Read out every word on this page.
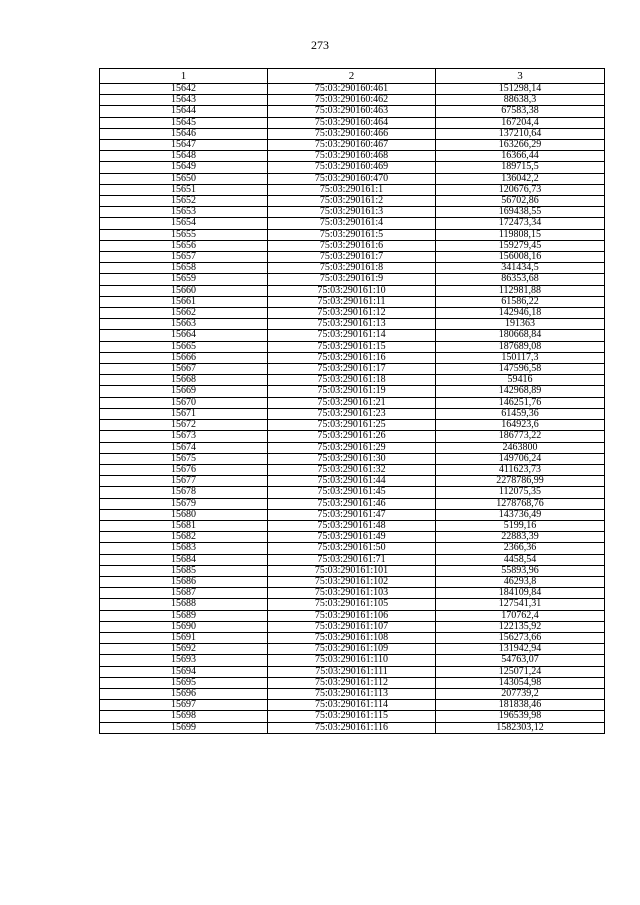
273
1	2	3
15642	75:03:290160:461	151298,14
15643	75:03:290160:462	88638,3
15644	75:03:290160:463	67583,38
15645	75:03:290160:464	167204,4
15646	75:03:290160:466	137210,64
15647	75:03:290160:467	163266,29
15648	75:03:290160:468	16366,44
15649	75:03:290160:469	189715,5
15650	75:03:290160:470	136042,2
15651	75:03:290161:1	120676,73
15652	75:03:290161:2	56702,86
15653	75:03:290161:3	169438,55
15654	75:03:290161:4	172473,34
15655	75:03:290161:5	119808,15
15656	75:03:290161:6	159279,45
15657	75:03:290161:7	156008,16
15658	75:03:290161:8	341434,5
15659	75:03:290161:9	86353,68
15660	75:03:290161:10	112981,88
15661	75:03:290161:11	61586,22
15662	75:03:290161:12	142946,18
15663	75:03:290161:13	191363
15664	75:03:290161:14	180668,84
15665	75:03:290161:15	187689,08
15666	75:03:290161:16	150117,3
15667	75:03:290161:17	147596,58
15668	75:03:290161:18	59416
15669	75:03:290161:19	142968,89
15670	75:03:290161:21	146251,76
15671	75:03:290161:23	61459,36
15672	75:03:290161:25	164923,6
15673	75:03:290161:26	186773,22
15674	75:03:290161:29	2463800
15675	75:03:290161:30	149706,24
15676	75:03:290161:32	411623,73
15677	75:03:290161:44	2278786,99
15678	75:03:290161:45	112075,35
15679	75:03:290161:46	1278768,76
15680	75:03:290161:47	143736,49
15681	75:03:290161:48	5199,16
15682	75:03:290161:49	22883,39
15683	75:03:290161:50	2366,36
15684	75:03:290161:71	4458,54
15685	75:03:290161:101	55893,96
15686	75:03:290161:102	46293,8
15687	75:03:290161:103	184109,84
15688	75:03:290161:105	127541,31
15689	75:03:290161:106	170762,4
15690	75:03:290161:107	122135,92
15691	75:03:290161:108	156273,66
15692	75:03:290161:109	131942,94
15693	75:03:290161:110	54763,07
15694	75:03:290161:111	125071,24
15695	75:03:290161:112	143054,98
15696	75:03:290161:113	207739,2
15697	75:03:290161:114	181838,46
15698	75:03:290161:115	196539,98
15699	75:03:290161:116	1582303,12
